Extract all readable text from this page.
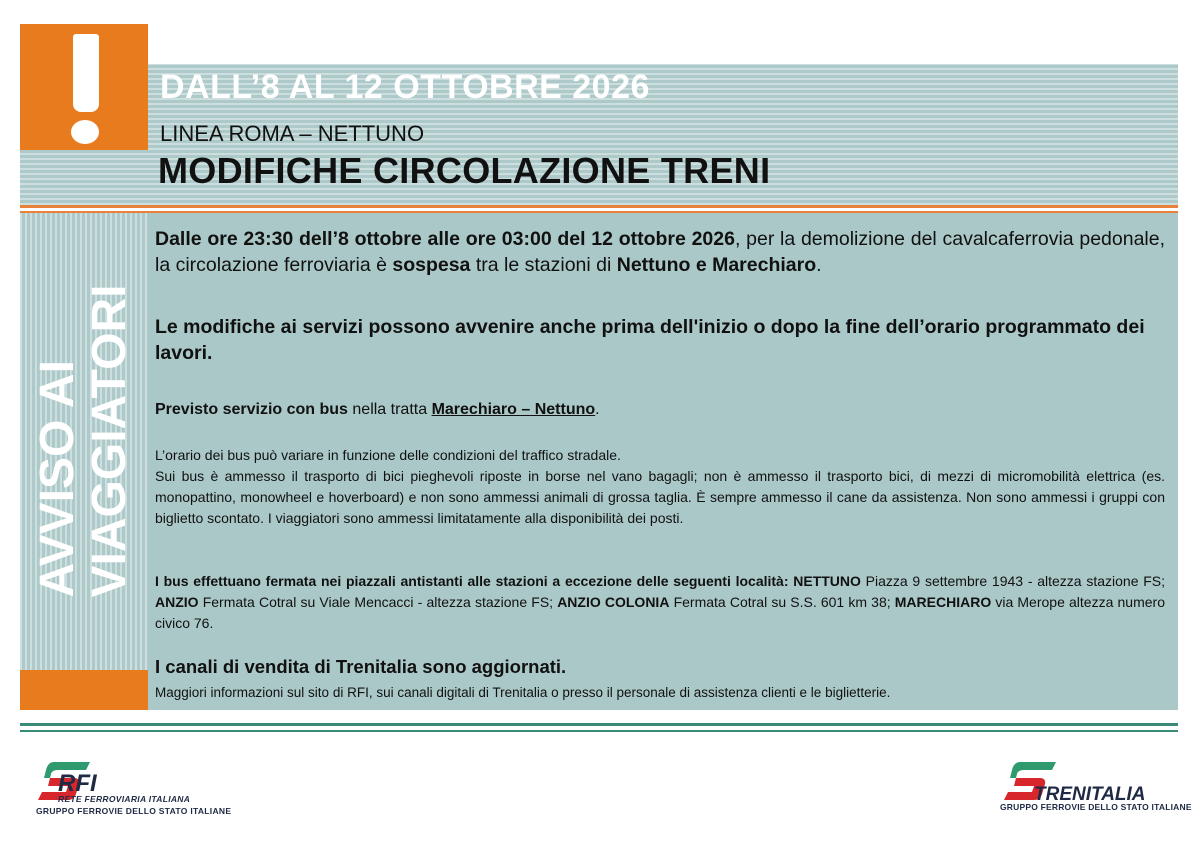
DALL’8 AL 12 OTTOBRE 2026

LINEA ROMA – NETTUNO

MODIFICHE CIRCOLAZIONE TRENI
AVVISO AI VIAGGIATORI

Dalle ore 23:30 dell’8 ottobre alle ore 03:00 del 12 ottobre 2026, per la demolizione del cavalcaferrovia pedonale, la circolazione ferroviaria è sospesa tra le stazioni di Nettuno e Marechiaro.

Le modifiche ai servizi possono avvenire anche prima dell'inizio o dopo la fine dell’orario programmato dei lavori.

Previsto servizio con bus nella tratta Marechiaro – Nettuno.

L’orario dei bus può variare in funzione delle condizioni del traffico stradale.

Sui bus è ammesso il trasporto di bici pieghevoli riposte in borse nel vano bagagli; non è ammesso il trasporto bici, di mezzi di micromobilità elettrica (es. monopattino, monowheel e hoverboard) e non sono ammessi animali di grossa taglia. È sempre ammesso il cane da assistenza. Non sono ammessi i gruppi con biglietto scontato. I viaggiatori sono ammessi limitatamente alla disponibilità dei posti.

I bus effettuano fermata nei piazzali antistanti alle stazioni a eccezione delle seguenti località: NETTUNO Piazza 9 settembre 1943 - altezza stazione FS; ANZIO Fermata Cotral su Viale Mencacci - altezza stazione FS; ANZIO COLONIA Fermata Cotral su S.S. 601 km 38; MARECHIARO via Merope altezza numero civico 76.

I canali di vendita di Trenitalia sono aggiornati.

Maggiori informazioni sul sito di RFI, sui canali digitali di Trenitalia o presso il personale di assistenza clienti e le biglietterie.

RFI

RETE FERROVIARIA ITALIANA

GRUPPO FERROVIE DELLO STATO ITALIANE

TRENITALIA

GRUPPO FERROVIE DELLO STATO ITALIANE
